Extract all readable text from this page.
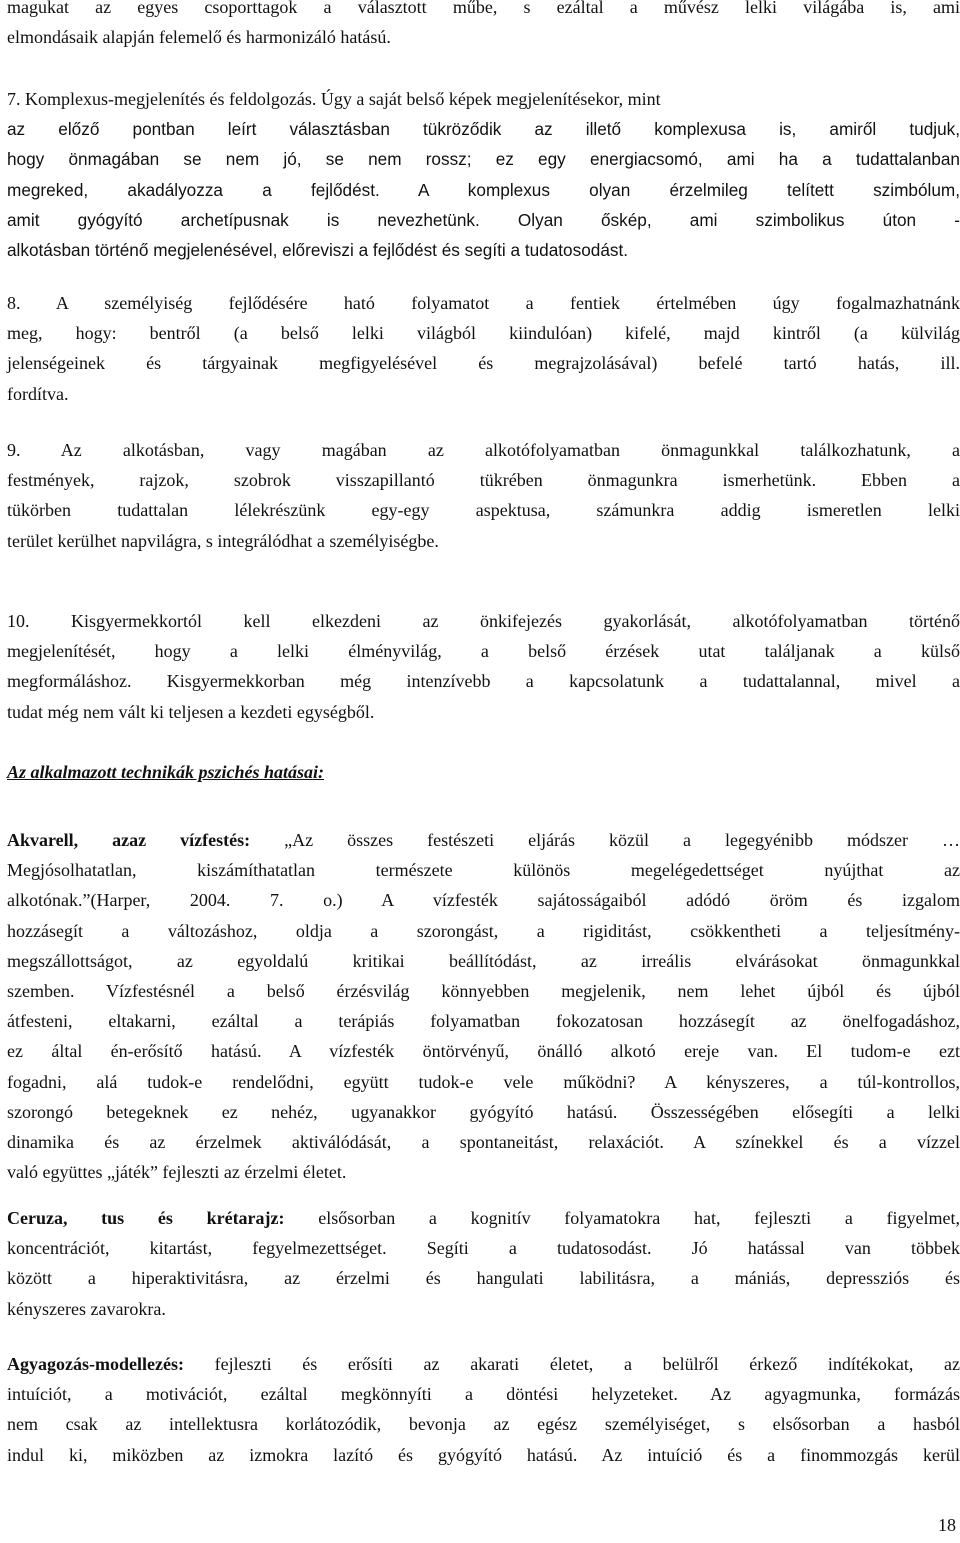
magukat az egyes csoporttagok a választott műbe, s ezáltal a művész lelki világába is, ami
elmondásaik alapján felemelő és harmonizáló hatású.
7. Komplexus-megjelenítés és feldolgozás. Úgy a saját belső képek megjelenítésekor, mint
az előző pontban leírt választásban tükröződik az illető komplexusa is, amiről tudjuk,
hogy önmagában se nem jó, se nem rossz; ez egy energiacsomó, ami ha a tudattalanban
megreked, akadályozza a fejlődést. A komplexus olyan érzelmileg telített szimbólum,
amit gyógyító archetípusnak is nevezhetünk. Olyan őskép, ami szimbolikus úton -
alkotásban történő megjelenésével, előreviszi a fejlődést és segíti a tudatosodást.
8. A személyiség fejlődésére ható folyamatot a fentiek értelmében úgy fogalmazhatnánk
meg, hogy: bentről (a belső lelki világból kiindulóan) kifelé, majd kintről (a külvilág
jelenségeinek és tárgyainak megfigyelésével és megrajzolásával) befelé tartó hatás, ill.
fordítva.
9. Az alkotásban, vagy magában az alkotófolyamatban önmagunkkal találkozhatunk, a
festmények, rajzok, szobrok visszapillantó tükrében önmagunkra ismerhetünk. Ebben a
tükörben tudattalan lélekrészünk egy-egy aspektusa, számunkra addig ismeretlen lelki
terület kerülhet napvilágra, s integrálódhat a személyiségbe.
10. Kisgyermekkortól kell elkezdeni az önkifejezés gyakorlását, alkotófolyamatban történő
megjelenítését, hogy a lelki élményvilág, a belső érzések utat találjanak a külső
megformáláshoz. Kisgyermekkorban még intenzívebb a kapcsolatunk a tudattalannal, mivel a
tudat még nem vált ki teljesen a kezdeti egységből.
Az alkalmazott technikák pszichés hatásai:
Akvarell, azaz vízfestés: „Az összes festészeti eljárás közül a legegyénibb módszer …
Megjósolhatatlan, kiszámíthatatlan természete különös megelégedettséget nyújthat az
alkotónak.”(Harper, 2004. 7. o.) A vízfesték sajátosságaiból adódó öröm és izgalom
hozzásegít a változáshoz, oldja a szorongást, a rigiditást, csökkentheti a teljesítmény-
megszállottságot, az egyoldalú kritikai beállítódást, az irreális elvárásokat önmagunkkal
szemben. Vízfestésnél a belső érzésvilág könnyebben megjelenik, nem lehet újból és újból
átfesteni, eltakarni, ezáltal a terápiás folyamatban fokozatosan hozzásegít az önelfogadáshoz,
ez által én-erősítő hatású. A vízfesték öntörvényű, önálló alkotó ereje van. El tudom-e ezt
fogadni, alá tudok-e rendelődni, együtt tudok-e vele működni? A kényszeres, a túl-kontrollos,
szorongó betegeknek ez nehéz, ugyanakkor gyógyító hatású. Összességében elősegíti a lelki
dinamika és az érzelmek aktiválódását, a spontaneitást, relaxációt. A színekkel és a vízzel
való együttes „játék” fejleszti az érzelmi életet.
Ceruza, tus és krétarajz: elsősorban a kognitív folyamatokra hat, fejleszti a figyelmet,
koncentrációt, kitartást, fegyelmezettséget. Segíti a tudatosodást. Jó hatással van többek
között a hiperaktivitásra, az érzelmi és hangulati labilitásra, a mániás, depressziós és
kényszeres zavarokra.
Agyagozás-modellezés: fejleszti és erősíti az akarati életet, a belülről érkező indítékokat, az
intuíciót, a motivációt, ezáltal megkönnyíti a döntési helyzeteket. Az agyagmunka, formázás
nem csak az intellektusra korlátozódik, bevonja az egész személyiséget, s elsősorban a hasból
indul ki, miközben az izmokra lazító és gyógyító hatású. Az intuíció és a finommozgás kerül
18
